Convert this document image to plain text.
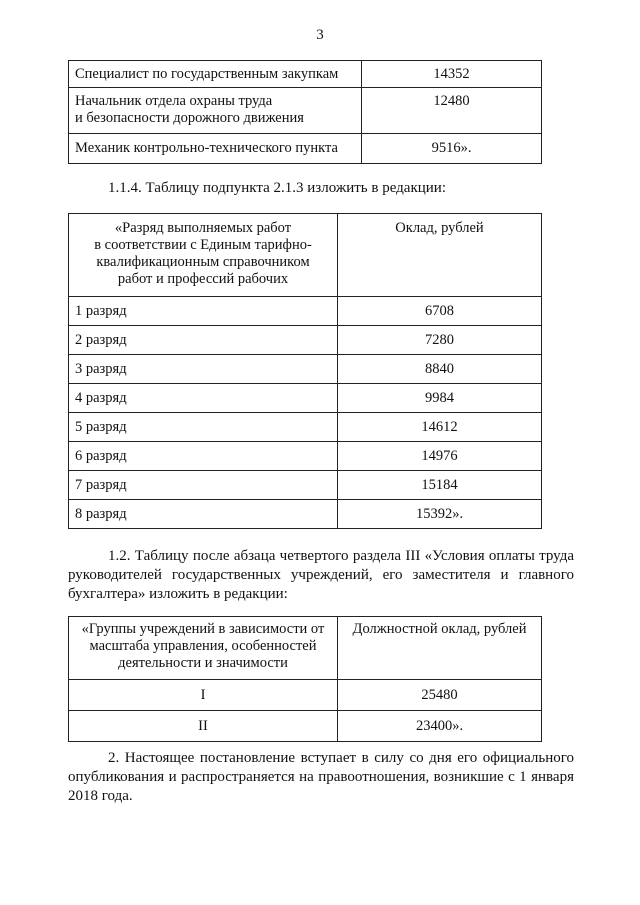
3
Специалист по государственным закупкам	14352

Начальник отдела охраны труда
и безопасности дорожного движения	12480
Механик контрольно-технического пункта	9516».
1.1.4. Таблицу подпункта 2.1.3 изложить в редакции:
«Разряд выполняемых работ
в соответствии с Единым тарифно-
квалификационным справочником
работ и профессий рабочих	Оклад, рублей
1 разряд	6708
2 разряд	7280
3 разряд	8840
4 разряд	9984
5 разряд	14612
6 разряд	14976
7 разряд	15184
8 разряд	15392».
1.2. Таблицу после абзаца четвертого раздела III «Условия оплаты труда руководителей государственных учреждений, его заместителя и главного бухгалтера» изложить в редакции:
«Группы учреждений в зависимости от
масштаба управления, особенностей
деятельности и значимости	Должностной оклад, рублей
I	25480
II	23400».
2. Настоящее постановление вступает в силу со дня его официального опубликования и распространяется на правоотношения, возникшие с 1 января 2018 года.
